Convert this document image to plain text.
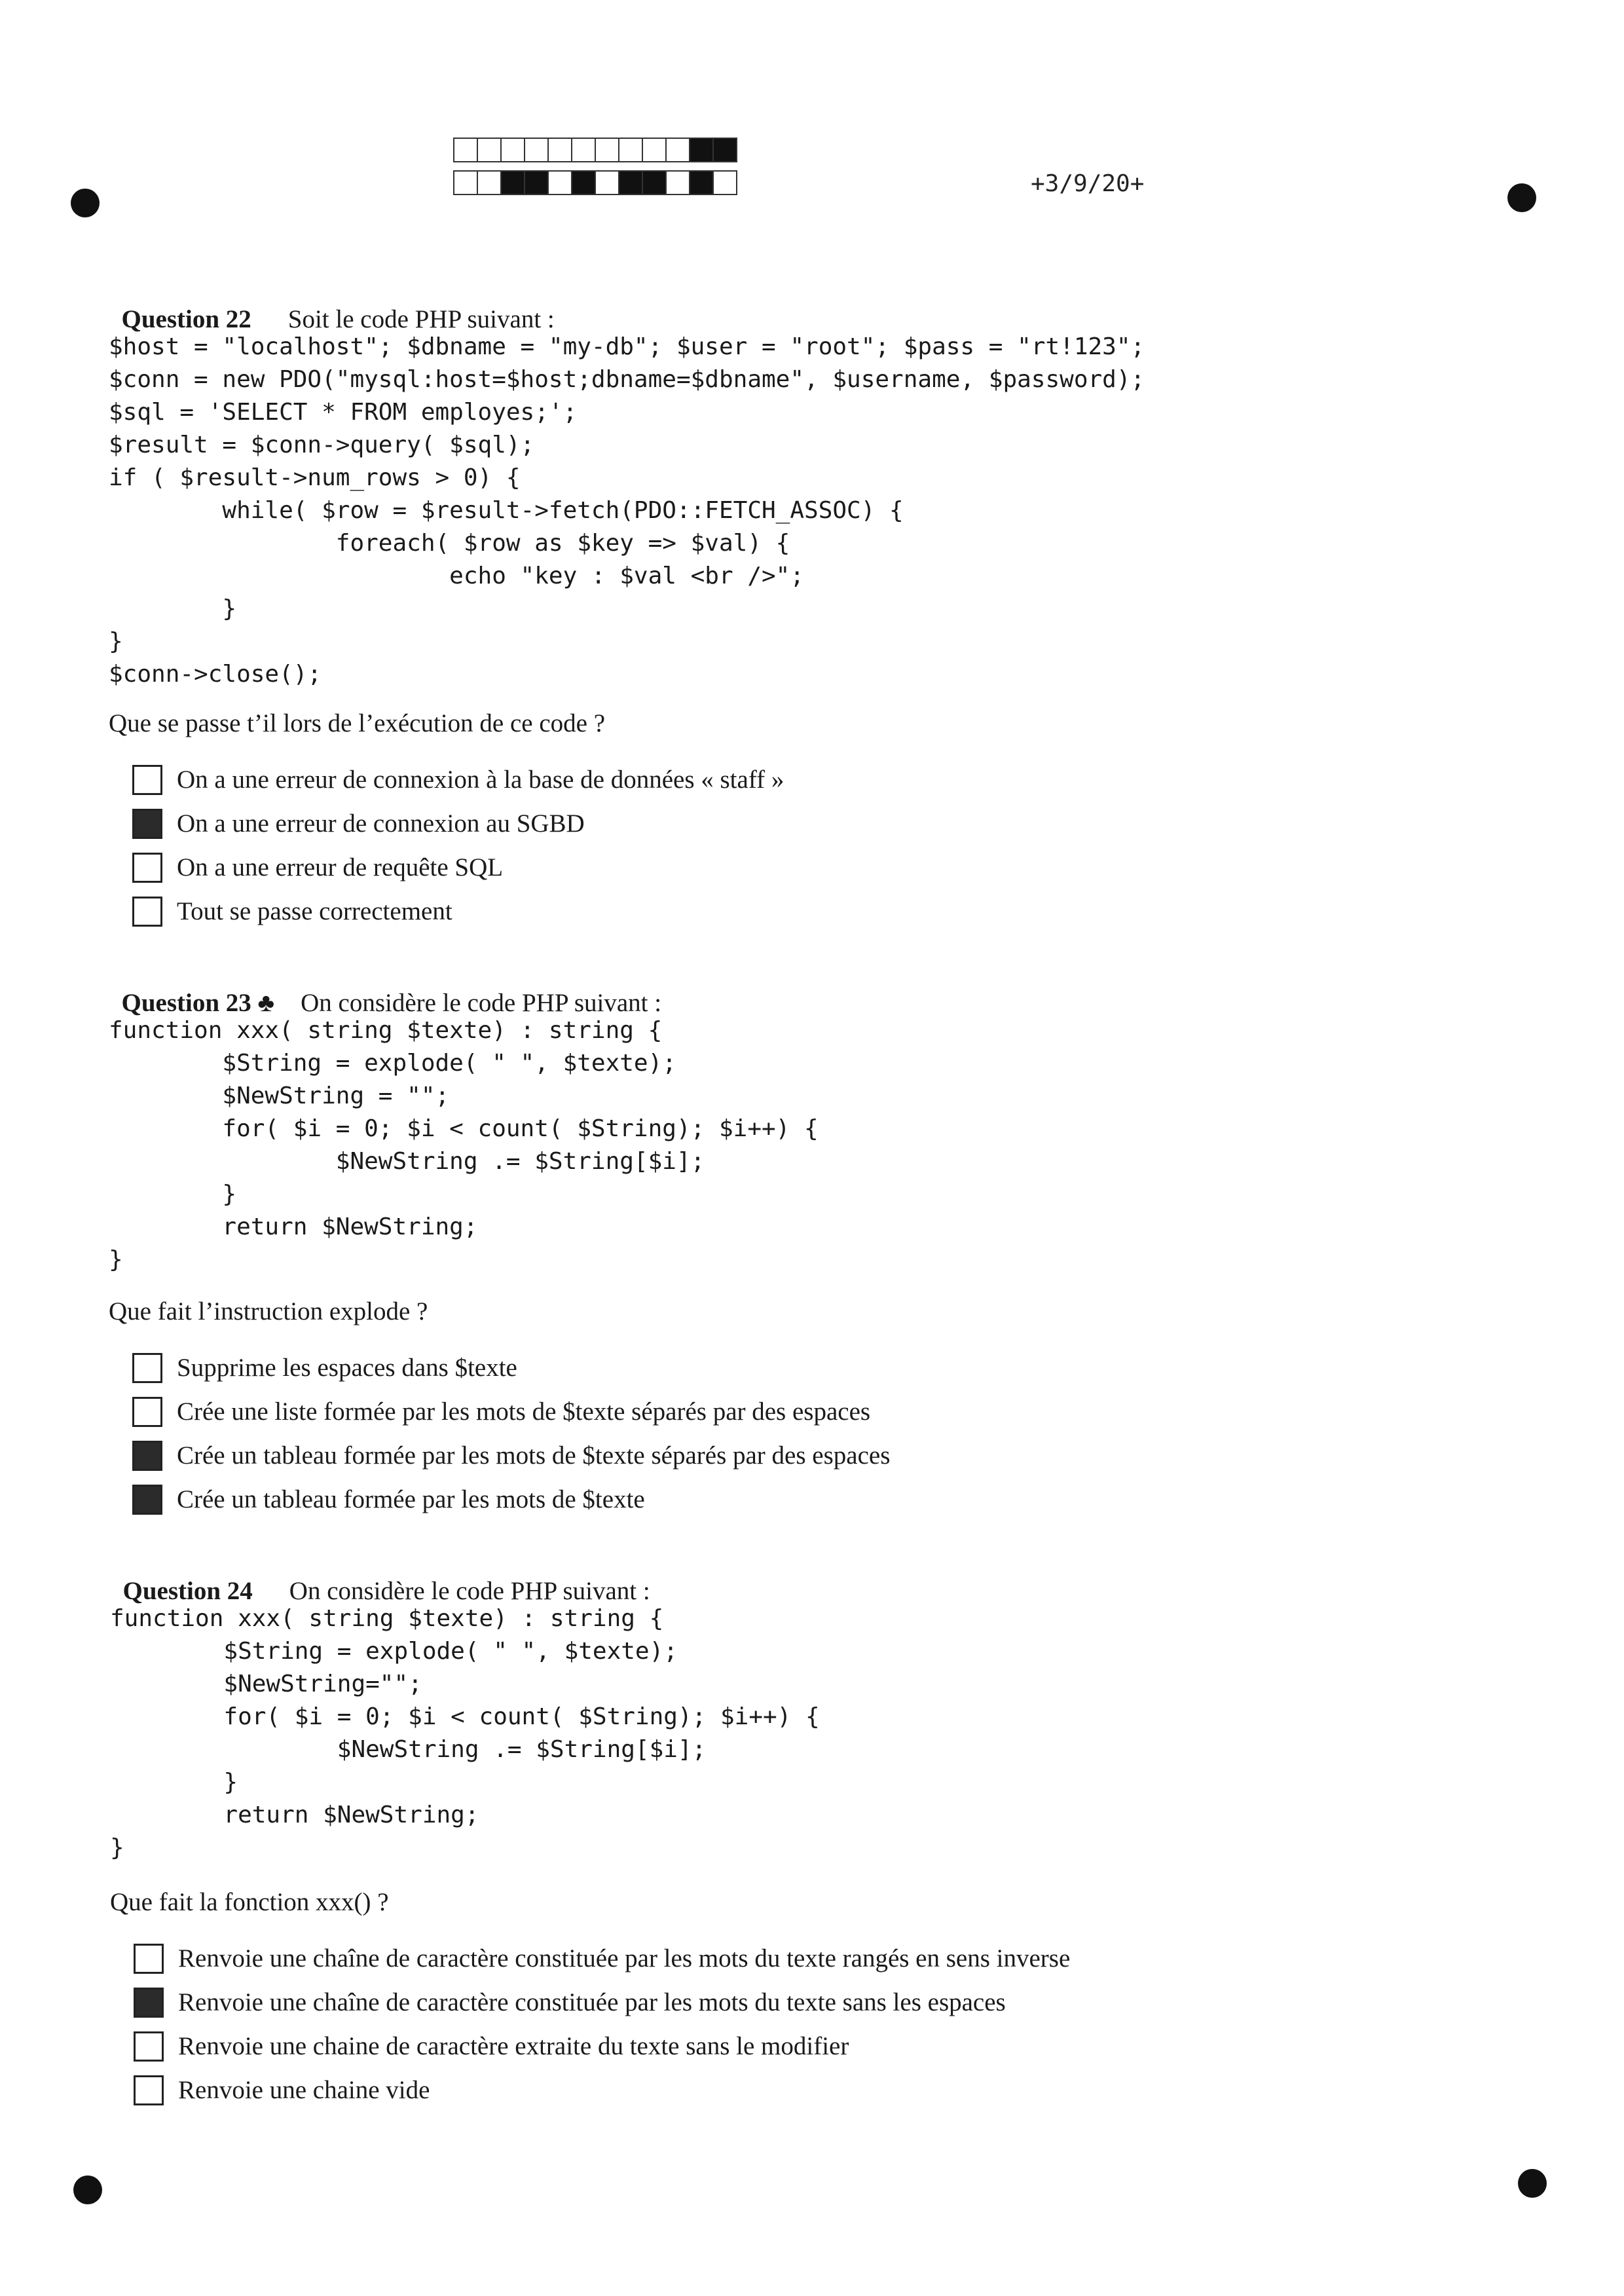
+3/9/20+

Question 22 Soit le code PHP suivant :

$host = "localhost"; $dbname = "my-db"; $user = "root"; $pass = "rt!123";
$conn = new PDO("mysql:host=$host;dbname=$dbname", $username, $password);
$sql = 'SELECT * FROM employes;';
$result = $conn->query( $sql);
if ( $result->num_rows > 0) {
while( $row = $result->fetch(PDO::FETCH_ASSOC) {
foreach( $row as $key => $val) {
echo "key : $val <br />";
}
}
$conn->close();
Que se passe t’il lors de l’exécution de ce code ?
On a une erreur de connexion à la base de données « staff »
On a une erreur de connexion au SGBD
On a une erreur de requête SQL
Tout se passe correctement

Question 23 ♣ On considère le code PHP suivant :

function xxx( string $texte) : string {
$String = explode( " ", $texte);
$NewString = "";
for( $i = 0; $i < count( $String); $i++) {
$NewString .= $String[$i];
}
return $NewString;
}
Que fait l’instruction explode ?
Supprime les espaces dans $texte
Crée une liste formée par les mots de $texte séparés par des espaces
Crée un tableau formée par les mots de $texte séparés par des espaces
Crée un tableau formée par les mots de $texte

Question 24 On considère le code PHP suivant :

function xxx( string $texte) : string {
$String = explode( " ", $texte);
$NewString="";
for( $i = 0; $i < count( $String); $i++) {
$NewString .= $String[$i];
}
return $NewString;
}
Que fait la fonction xxx() ?
Renvoie une chaîne de caractère constituée par les mots du texte rangés en sens inverse
Renvoie une chaîne de caractère constituée par les mots du texte sans les espaces
Renvoie une chaine de caractère extraite du texte sans le modifier
Renvoie une chaine vide
